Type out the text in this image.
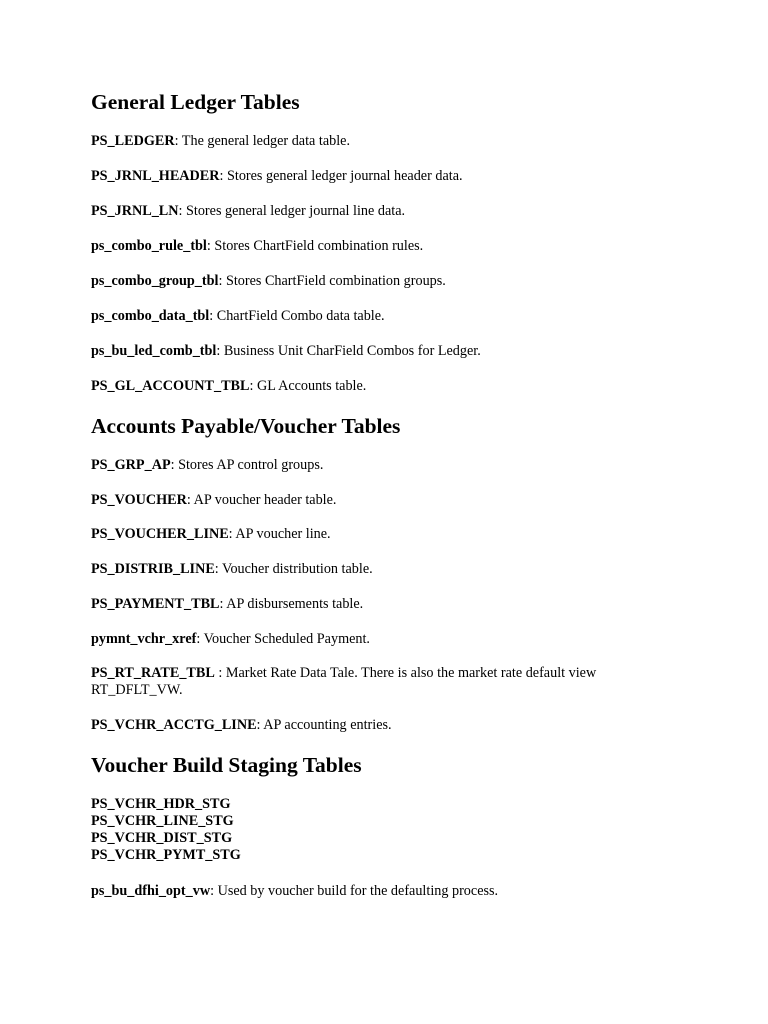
General Ledger Tables

PS_LEDGER: The general ledger data table.

PS_JRNL_HEADER: Stores general ledger journal header data.

PS_JRNL_LN: Stores general ledger journal line data.

ps_combo_rule_tbl: Stores ChartField combination rules.

ps_combo_group_tbl: Stores ChartField combination groups.

ps_combo_data_tbl: ChartField Combo data table.

ps_bu_led_comb_tbl: Business Unit CharField Combos for Ledger.

PS_GL_ACCOUNT_TBL: GL Accounts table.

Accounts Payable/Voucher Tables

PS_GRP_AP: Stores AP control groups.

PS_VOUCHER: AP voucher header table.

PS_VOUCHER_LINE: AP voucher line.

PS_DISTRIB_LINE: Voucher distribution table.

PS_PAYMENT_TBL: AP disbursements table.

pymnt_vchr_xref: Voucher Scheduled Payment.

PS_RT_RATE_TBL : Market Rate Data Tale. There is also the market rate default view

RT_DFLT_VW.

PS_VCHR_ACCTG_LINE: AP accounting entries.

Voucher Build Staging Tables

PS_VCHR_HDR_STG

PS_VCHR_LINE_STG

PS_VCHR_DIST_STG

PS_VCHR_PYMT_STG

ps_bu_dfhi_opt_vw: Used by voucher build for the defaulting process.
